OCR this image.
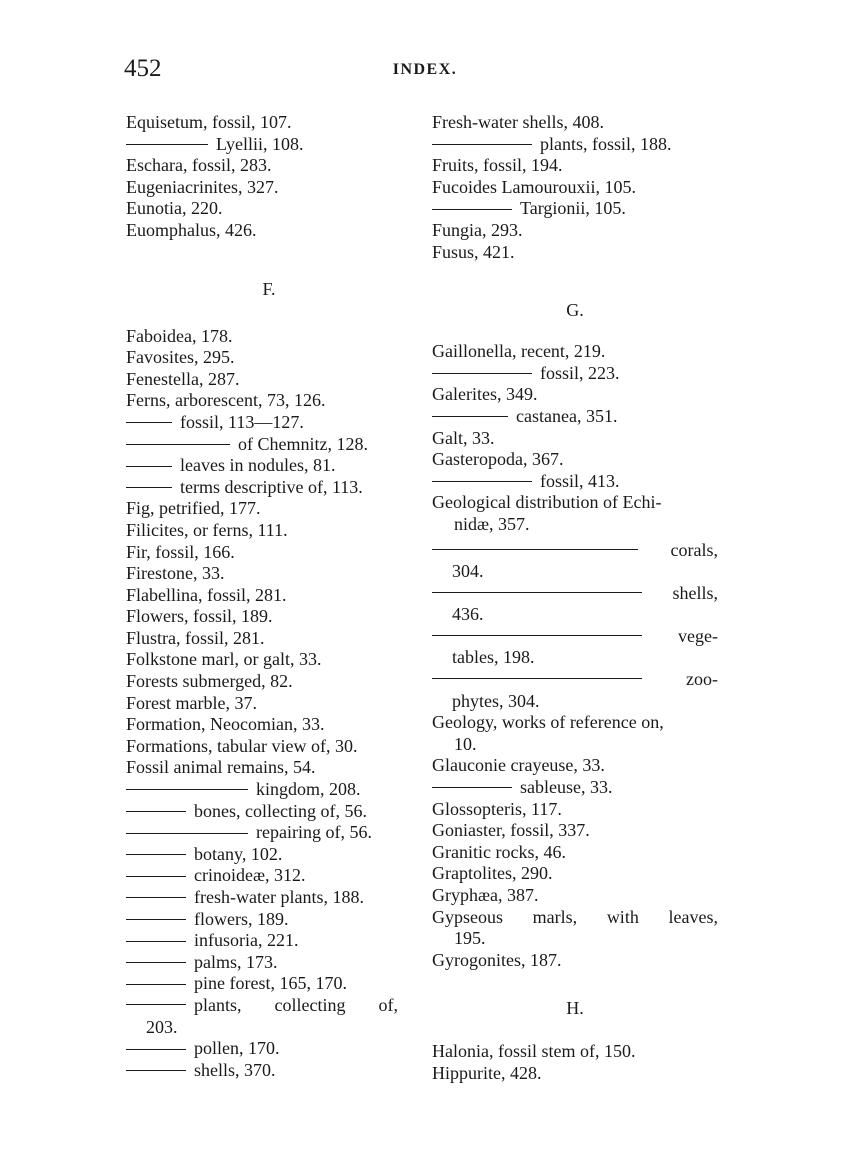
452	INDEX.
Equisetum, fossil, 107.
Lyellii, 108.
Eschara, fossil, 283.
Eugeniacrinites, 327.
Eunotia, 220.
Euomphalus, 426.
F.
Faboidea, 178.
Favosites, 295.
Fenestella, 287.
Ferns, arborescent, 73, 126.
fossil, 113—127.
of Chemnitz, 128.
leaves in nodules, 81.
terms descriptive of, 113.
Fig, petrified, 177.
Filicites, or ferns, 111.
Fir, fossil, 166.
Firestone, 33.
Flabellina, fossil, 281.
Flowers, fossil, 189.
Flustra, fossil, 281.
Folkstone marl, or galt, 33.
Forests submerged, 82.
Forest marble, 37.
Formation, Neocomian, 33.
Formations, tabular view of, 30.
Fossil animal remains, 54.
kingdom, 208.
bones, collecting of, 56.
repairing of, 56.
botany, 102.
crinoideæ, 312.
fresh-water plants, 188.
flowers, 189.
infusoria, 221.
palms, 173.
pine forest, 165, 170.
plants, collecting of,
203.
pollen, 170.
shells, 370.
Fresh-water shells, 408.
plants, fossil, 188.
Fruits, fossil, 194.
Fucoides Lamourouxii, 105.
Targionii, 105.
Fungia, 293.
Fusus, 421.
G.
Gaillonella, recent, 219.
fossil, 223.
Galerites, 349.
castanea, 351.
Galt, 33.
Gasteropoda, 367.
fossil, 413.
Geological distribution of Echi-
nidæ, 357.
corals,
304.
shells,
436.
vege-
tables, 198.
zoo-
phytes, 304.
Geology, works of reference on,
10.
Glauconie crayeuse, 33.
sableuse, 33.
Glossopteris, 117.
Goniaster, fossil, 337.
Granitic rocks, 46.
Graptolites, 290.
Gryphæa, 387.
Gypseous marls, with leaves,
195.
Gyrogonites, 187.
H.
Halonia, fossil stem of, 150.
Hippurite, 428.
